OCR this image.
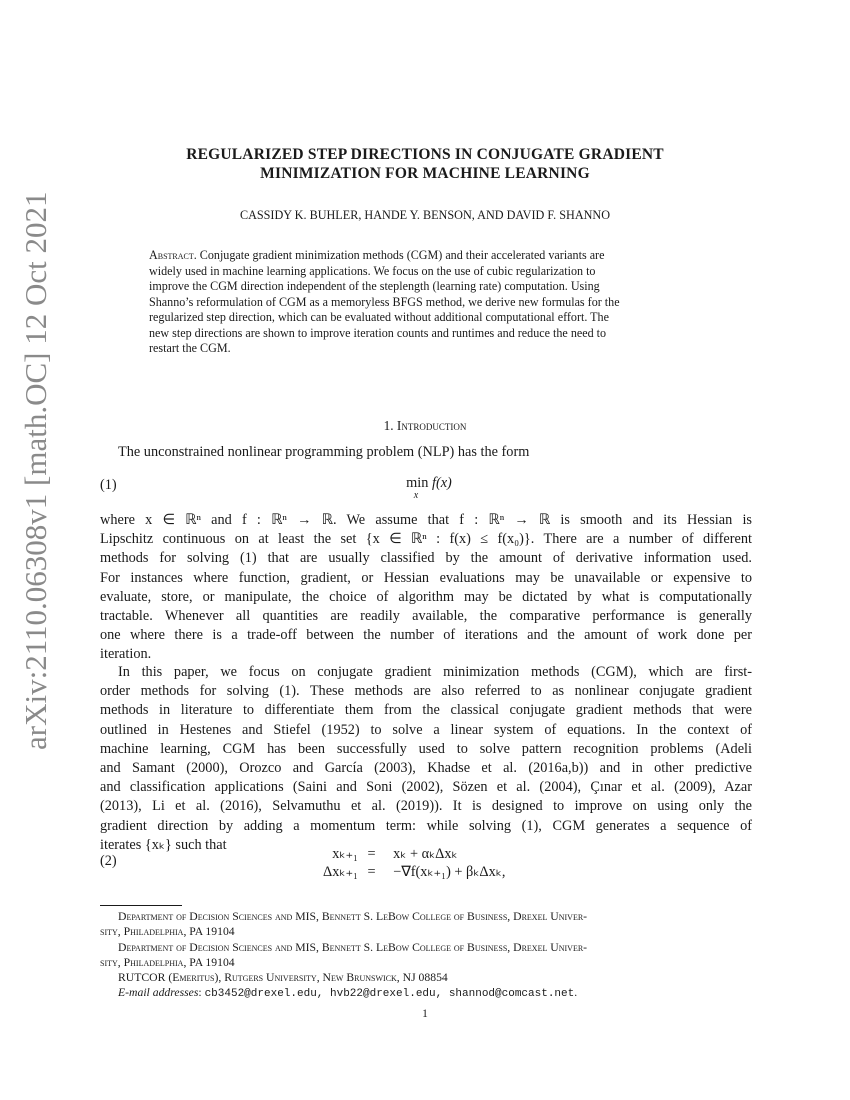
arXiv:2110.06308v1 [math.OC] 12 Oct 2021
REGULARIZED STEP DIRECTIONS IN CONJUGATE GRADIENT
MINIMIZATION FOR MACHINE LEARNING
CASSIDY K. BUHLER, HANDE Y. BENSON, AND DAVID F. SHANNO
Abstract. Conjugate gradient minimization methods (CGM) and their accelerated variants are
widely used in machine learning applications. We focus on the use of cubic regularization to
improve the CGM direction independent of the steplength (learning rate) computation. Using
Shanno’s reformulation of CGM as a memoryless BFGS method, we derive new formulas for the
regularized step direction, which can be evaluated without additional computational effort. The
new step directions are shown to improve iteration counts and runtimes and reduce the need to
restart the CGM.
1. Introduction
The unconstrained nonlinear programming problem (NLP) has the form
(1)	min f(x)
x
where x ∈ ℝⁿ and f : ℝⁿ → ℝ. We assume that f : ℝⁿ → ℝ is smooth and its Hessian is
Lipschitz continuous on at least the set {x ∈ ℝⁿ : f(x) ≤ f(x₀)}. There are a number of different
methods for solving (1) that are usually classified by the amount of derivative information used.
For instances where function, gradient, or Hessian evaluations may be unavailable or expensive to
evaluate, store, or manipulate, the choice of algorithm may be dictated by what is computationally
tractable. Whenever all quantities are readily available, the comparative performance is generally
one where there is a trade-off between the number of iterations and the amount of work done per
iteration.
In this paper, we focus on conjugate gradient minimization methods (CGM), which are first-
order methods for solving (1). These methods are also referred to as nonlinear conjugate gradient
methods in literature to differentiate them from the classical conjugate gradient methods that were
outlined in Hestenes and Stiefel (1952) to solve a linear system of equations. In the context of
machine learning, CGM has been successfully used to solve pattern recognition problems (Adeli
and Samant (2000), Orozco and García (2003), Khadse et al. (2016a,b)) and in other predictive
and classification applications (Saini and Soni (2002), Sözen et al. (2004), Çınar et al. (2009), Azar
(2013), Li et al. (2016), Selvamuthu et al. (2019)). It is designed to improve on using only the
gradient direction by adding a momentum term: while solving (1), CGM generates a sequence of
iterates {xₖ} such that
(2)	xₖ₊₁ = xₖ + αₖΔxₖ
Δxₖ₊₁ = −∇f(xₖ₊₁) + βₖΔxₖ,
Department of Decision Sciences and MIS, Bennett S. LeBow College of Business, Drexel Univer-
sity, Philadelphia, PA 19104
Department of Decision Sciences and MIS, Bennett S. LeBow College of Business, Drexel Univer-
sity, Philadelphia, PA 19104
RUTCOR (Emeritus), Rutgers University, New Brunswick, NJ 08854
E-mail addresses: cb3452@drexel.edu, hvb22@drexel.edu, shannod@comcast.net.
1
